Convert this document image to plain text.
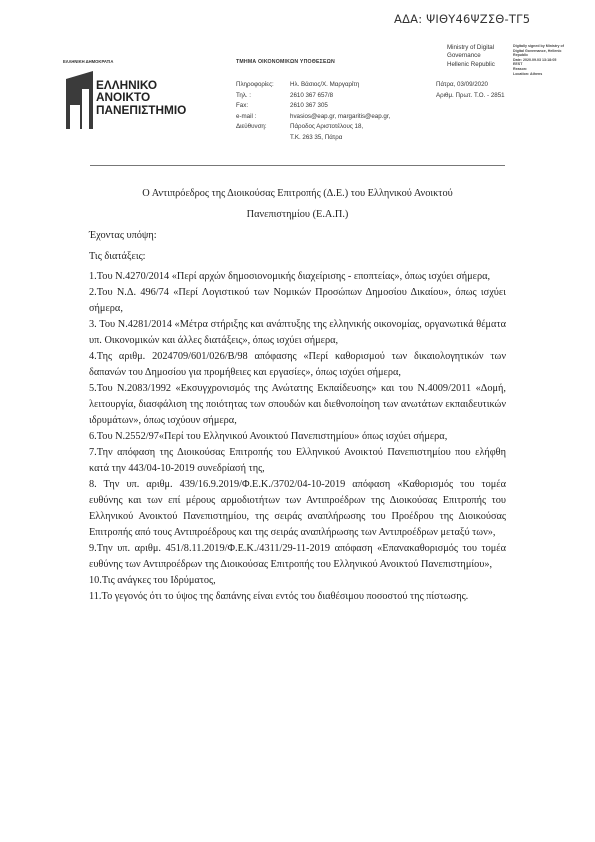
ΑΔΑ: ΨΙΘΥ46ΨΖΣΘ-ΤΓ5
ΕΛΛΗΝΙΚΗ ΔΗΜΟΚΡΑΤΙΑ
ΕΛΛΗΝΙΚΟ
ΑΝΟΙΚΤΟ
ΠΑΝΕΠΙΣΤΗΜΙΟ
ΤΜΗΜΑ ΟΙΚΟΝΟΜΙΚΩΝ ΥΠΟΘΕΣΕΩΝ
Πληροφορίες:	Ηλ. Βάσιος/Χ. Μαργαρίτη
Τηλ. :	2610 367 657/8
Fax:	2610 367 305
e-mail :	hvasios@eap.gr, margaritis@eap.gr,
Διεύθυνση:	Πάροδος Αριστοτέλους 18,
Τ.Κ. 263 35, Πάτρα
Πάτρα, 03/09/2020
Αριθμ. Πρωτ. Τ.Ο. - 2851
Ministry of Digital
Governance
Hellenic Republic
Digitally signed by Ministry of
Digital Governance, Hellenic
Republic
Date: 2020.09.03 13:18:05
EEST
Reason:
Location: Athens
Ο Αντιπρόεδρος της Διοικούσας Επιτροπής (Δ.Ε.) του Ελληνικού Ανοικτού
Πανεπιστημίου (Ε.Α.Π.)

Έχοντας υπόψη:

Τις διατάξεις:

1.Του Ν.4270/2014 «Περί αρχών δημοσιονομικής διαχείρισης - εποπτείας», όπως ισχύει σήμερα,

2.Του Ν.Δ. 496/74 «Περί Λογιστικού των Νομικών Προσώπων Δημοσίου Δικαίου», όπως ισχύει σήμερα,

3. Του Ν.4281/2014 «Μέτρα στήριξης και ανάπτυξης της ελληνικής οικονομίας, οργανωτικά θέματα υπ. Οικονομικών και άλλες διατάξεις», όπως ισχύει σήμερα,

4.Της αριθμ. 2024709/601/026/Β/98 απόφασης «Περί καθορισμού των δικαιολογητικών των δαπανών του Δημοσίου για προμήθειες και εργασίες», όπως ισχύει σήμερα,

5.Του Ν.2083/1992 «Εκσυγχρονισμός της Ανώτατης Εκπαίδευσης» και του Ν.4009/2011 «Δομή, λειτουργία, διασφάλιση της ποιότητας των σπουδών και διεθνοποίηση των ανωτάτων εκπαιδευτικών ιδρυμάτων», όπως ισχύουν σήμερα,

6.Του Ν.2552/97«Περί του Ελληνικού Ανοικτού Πανεπιστημίου» όπως ισχύει σήμερα,

7.Την απόφαση της Διοικούσας Επιτροπής του Ελληνικού Ανοικτού Πανεπιστημίου που ελήφθη κατά την 443/04-10-2019 συνεδρίασή της,

8. Την υπ. αριθμ. 439/16.9.2019/Φ.Ε.Κ./3702/04-10-2019 απόφαση «Καθορισμός του τομέα ευθύνης και των επί μέρους αρμοδιοτήτων των Αντιπροέδρων της Διοικούσας Επιτροπής του Ελληνικού Ανοικτού Πανεπιστημίου, της σειράς αναπλήρωσης του Προέδρου της Διοικούσας Επιτροπής από τους Αντιπροέδρους και της σειράς αναπλήρωσης των Αντιπροέδρων μεταξύ των»,

9.Την υπ. αριθμ. 451/8.11.2019/Φ.Ε.Κ./4311/29-11-2019 απόφαση «Επανακαθορισμός του τομέα ευθύνης των Αντιπροέδρων της Διοικούσας Επιτροπής του Ελληνικού Ανοικτού Πανεπιστημίου»,

10.Τις ανάγκες του Ιδρύματος,

11.Το γεγονός ότι το ύψος της δαπάνης είναι εντός του διαθέσιμου ποσοστού της πίστωσης.
